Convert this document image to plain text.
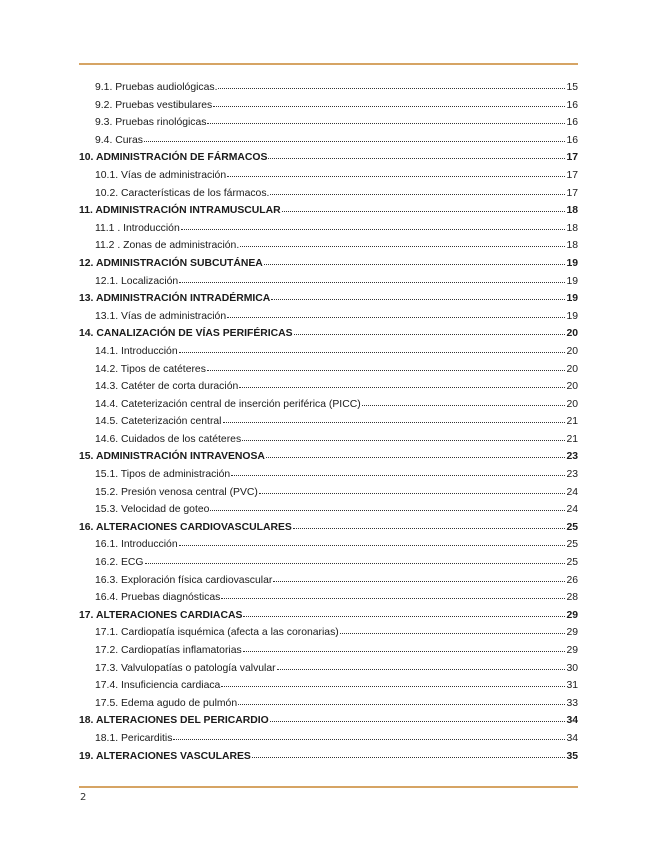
9.1. Pruebas audiológicas.	15
9.2. Pruebas vestibulares	16
9.3. Pruebas rinológicas	16
9.4. Curas	16
10. ADMINISTRACIÓN DE FÁRMACOS	17
10.1. Vías de administración	17
10.2. Características de los fármacos.	17
11. ADMINISTRACIÓN INTRAMUSCULAR	18
11.1 . Introducción	18
11.2 . Zonas de administración.	18
12. ADMINISTRACIÓN SUBCUTÁNEA	19
12.1. Localización	19
13. ADMINISTRACIÓN INTRADÉRMICA	19
13.1. Vías de administración	19
14. CANALIZACIÓN DE VÍAS PERIFÉRICAS	20
14.1. Introducción	20
14.2. Tipos de catéteres	20
14.3. Catéter de corta duración	20
14.4. Cateterización central de inserción periférica (PICC)	20
14.5. Cateterización central	21
14.6. Cuidados de los catéteres	21
15. ADMINISTRACIÓN INTRAVENOSA	23
15.1. Tipos de administración	23
15.2. Presión venosa central (PVC)	24
15.3. Velocidad de goteo	24
16. ALTERACIONES CARDIOVASCULARES	25
16.1. Introducción	25
16.2. ECG	25
16.3. Exploración física cardiovascular	26
16.4. Pruebas diagnósticas	28
17. ALTERACIONES CARDIACAS	29
17.1. Cardiopatía isquémica (afecta a las coronarias)	29
17.2. Cardiopatías inflamatorias	29
17.3. Valvulopatías o patología valvular	30
17.4. Insuficiencia cardiaca	31
17.5. Edema agudo de pulmón	33
18. ALTERACIONES DEL PERICARDIO	34
18.1. Pericarditis	34
19. ALTERACIONES VASCULARES	35
2
